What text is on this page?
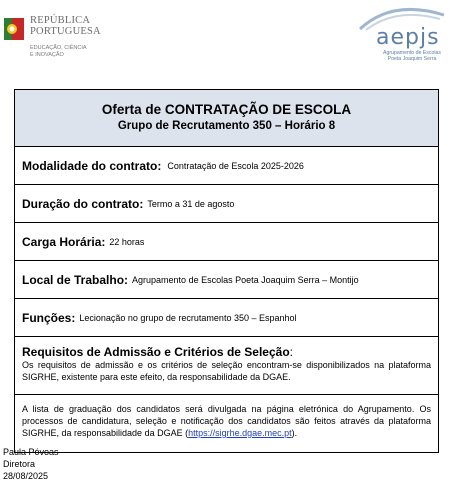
REPÚBLICA
PORTUGUESA
EDUCAÇÃO, CIÊNCIA
E INOVAÇÃO
aepjs
Agrupamento de Escolas
Poeta Joaquim Serra
Oferta de CONTRATAÇÃO DE ESCOLA
Grupo de Recrutamento 350 – Horário 8
Modalidade do contrato: Contratação de Escola 2025-2026
Duração do contrato: Termo a 31 de agosto
Carga Horária: 22 horas
Local de Trabalho: Agrupamento de Escolas Poeta Joaquim Serra – Montijo
Funções: Lecionação no grupo de recrutamento 350 – Espanhol
Requisitos de Admissão e Critérios de Seleção:
Os requisitos de admissão e os critérios de seleção encontram-se disponibilizados na plataforma SIGRHE, existente para este efeito, da responsabilidade da DGAE.
A lista de graduação dos candidatos será divulgada na página eletrónica do Agrupamento. Os processos de candidatura, seleção e notificação dos candidatos são feitos através da plataforma SIGRHE, da responsabilidade da DGAE (https://sigrhe.dgae.mec.pt).
Paula Póvoas
Diretora
28/08/2025
